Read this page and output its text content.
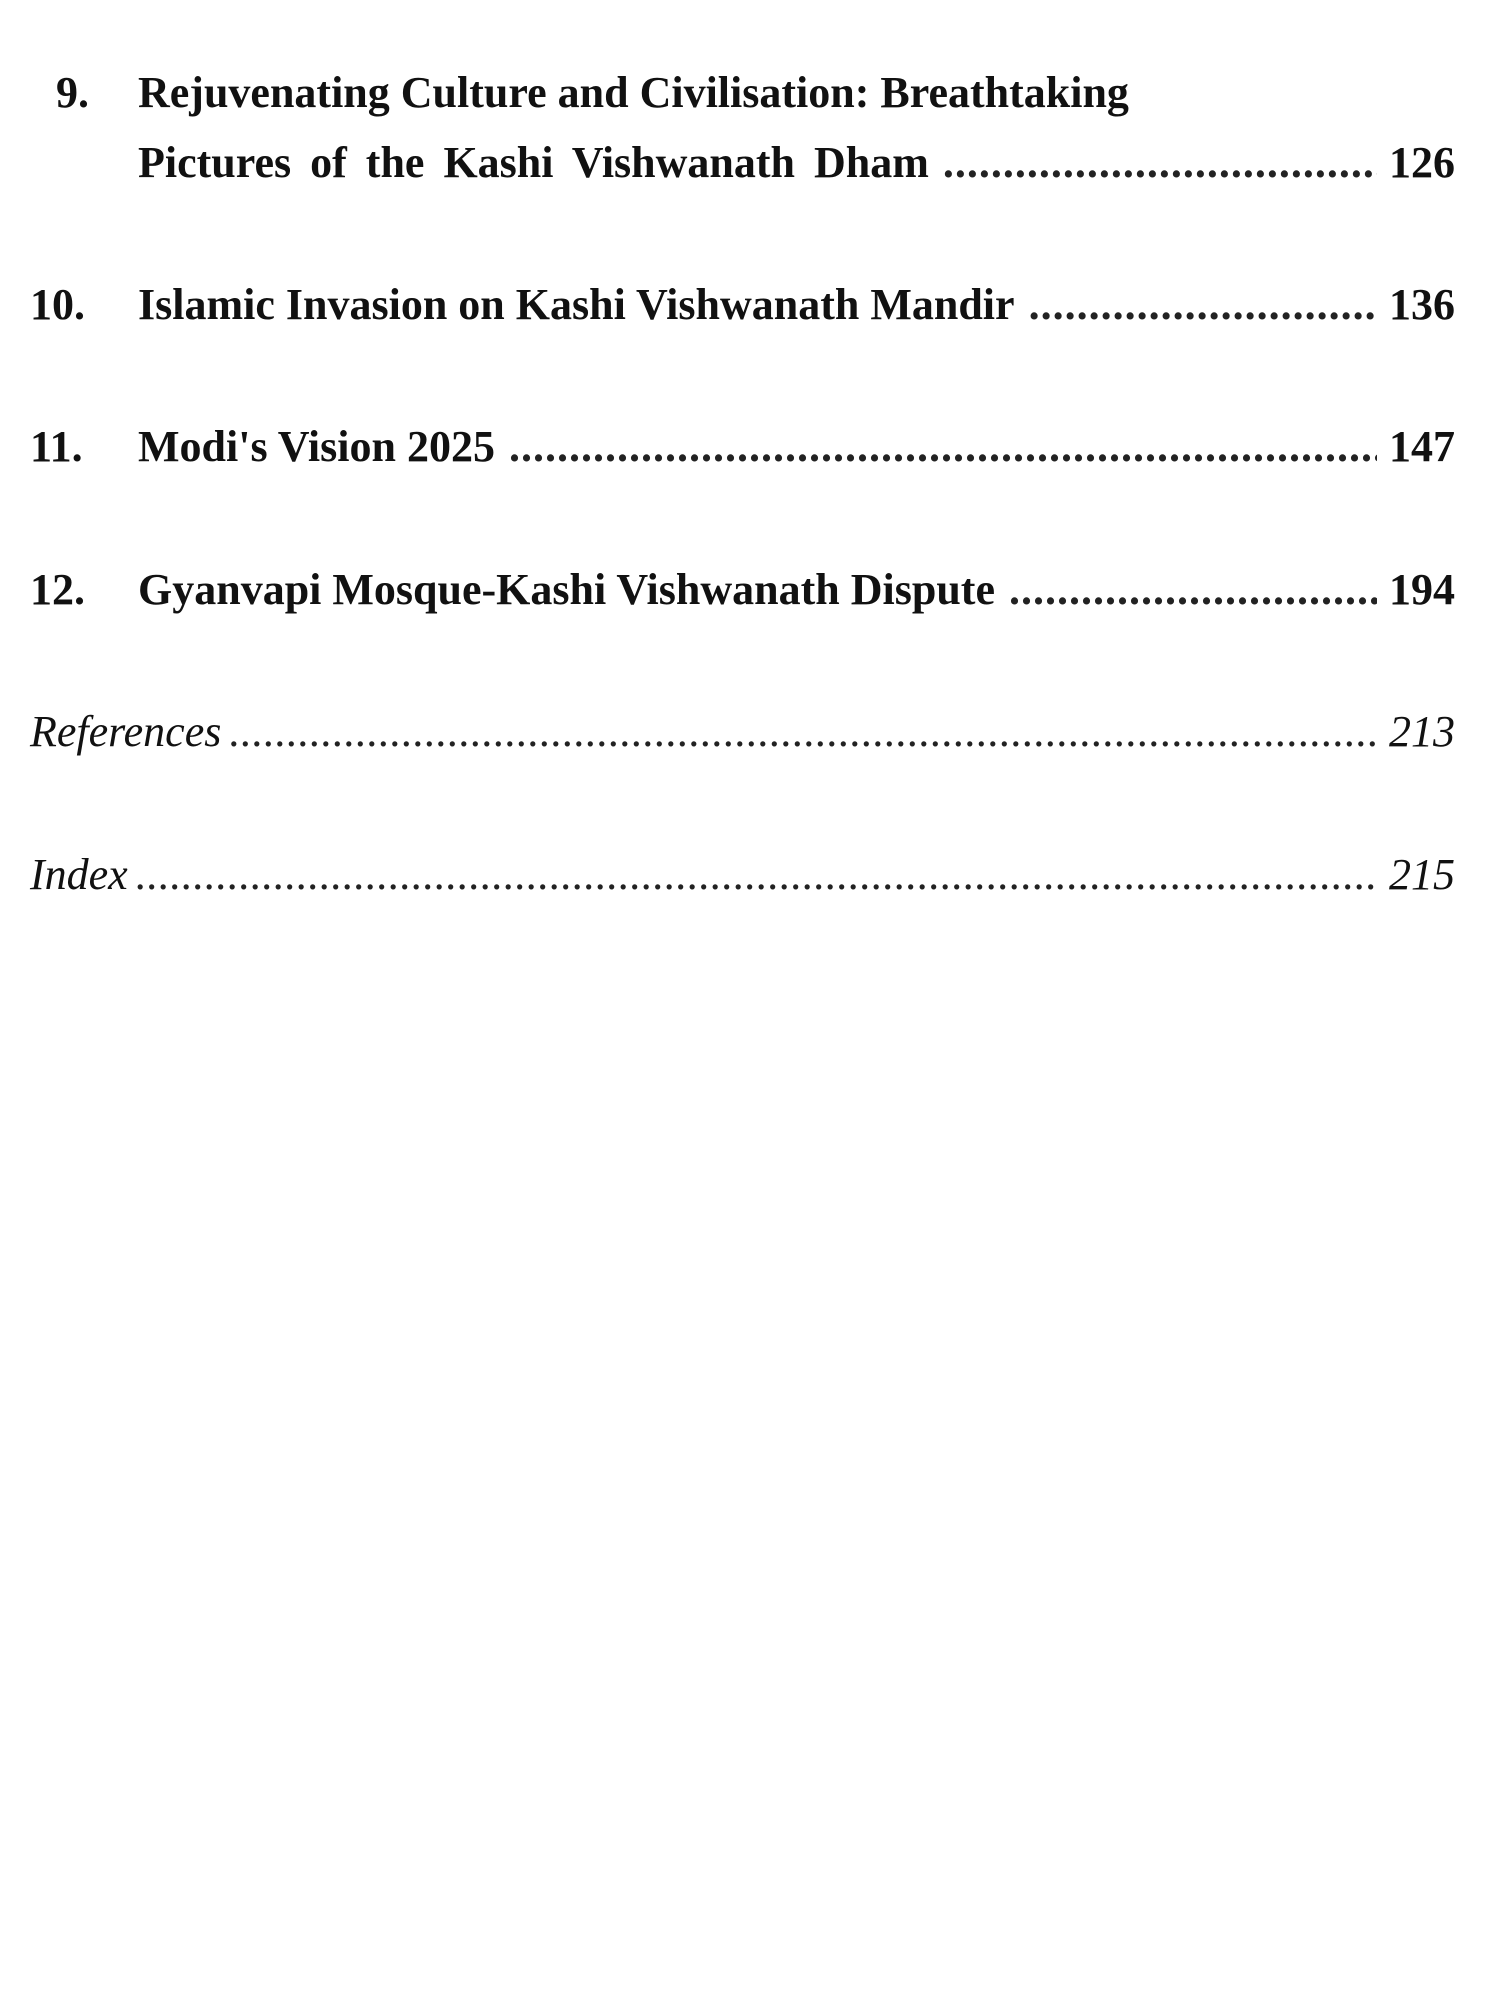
9.	Rejuvenating Culture and Civilisation: Breathtaking
Pictures of the Kashi Vishwanath Dham .....	126
10.	Islamic Invasion on Kashi Vishwanath Mandir .....	136
11.	Modi's Vision 2025 .....	147
12.	Gyanvapi Mosque-Kashi Vishwanath Dispute .....	194
References .....	213
Index .....	215
